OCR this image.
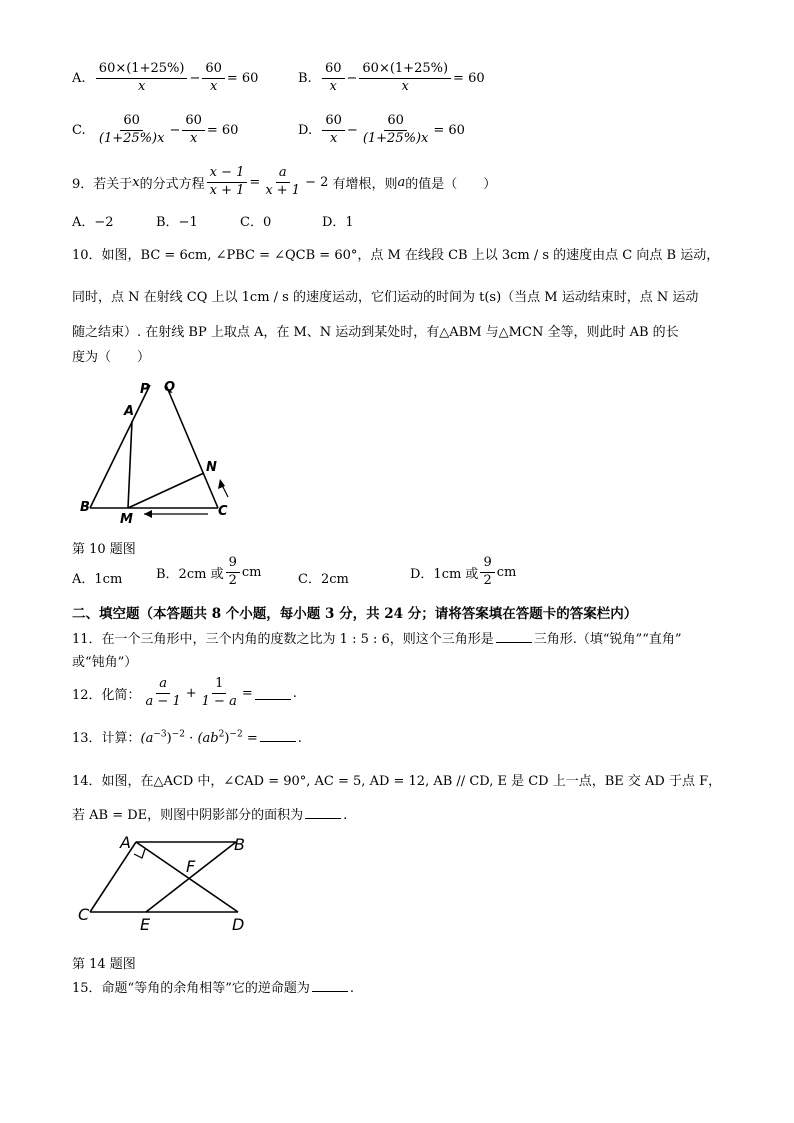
A.
$\frac{60\times(1+25\%)}{x} - \frac{60}{x} = 60$	B.
$\frac{60}{x} - \frac{60\times(1+25\%)}{x} = 60$
C.
$\frac{60}{(1+25\%)x} - \frac{60}{x} = 60$	D.
$\frac{60}{x} - \frac{60}{(1+25\%)x} = 60$
9．若关于 x 的分式方程 $\frac{x - 1}{x + 1} = \frac{a}{x + 1} - 2$
有增根，则 a 的值是（　　）
A．−2	B．−1	C．0	D．1
10．如图，BC = 6cm, ∠PBC = ∠QCB = 60°，点 M 在线段 CB 上以 3cm / s 的速度由点 C 向点 B 运动，
同时，点 N 在射线 CQ 上以 1cm / s 的速度运动，它们运动的时间为 t(s)（当点 M 运动结束时，点 N 运动
随之结束）. 在射线 BP 上取点 A，在 M、N 运动到某处时，有△ABM 与△MCN 全等，则此时 AB 的长
度为（　　）
P Q
A
N
B
M
C
第 10 题图
A．1cm	B．2cm 或 $\frac{9}{2}$ cm	C．2cm	D．1cm 或 $\frac{9}{2}$ cm
二、填空题（本答题共 8 个小题，每小题 3 分，共 24 分；请将答案填在答题卡的答案栏内）
11．在一个三角形中，三个内角的度数之比为 1 : 5 : 6，则这个三角形是	三角形.（填“锐角”“直角”
或“钝角”）
12．化简： $\frac{a}{a - 1} + \frac{1}{1 - a}$ =	.
13．计算：$(a^{-3})^{-2} \cdot (ab^2)^{-2}$ =	.
14．如图，在△ACD 中，∠CAD = 90°, AC = 5, AD = 12, AB // CD, E 是 CD 上一点，BE 交 AD 于点 F，
若 AB = DE，则图中阴影部分的面积为	.
A	B
F
C
E	D
第 14 题图
15．命题“等角的余角相等”它的逆命题为	.
